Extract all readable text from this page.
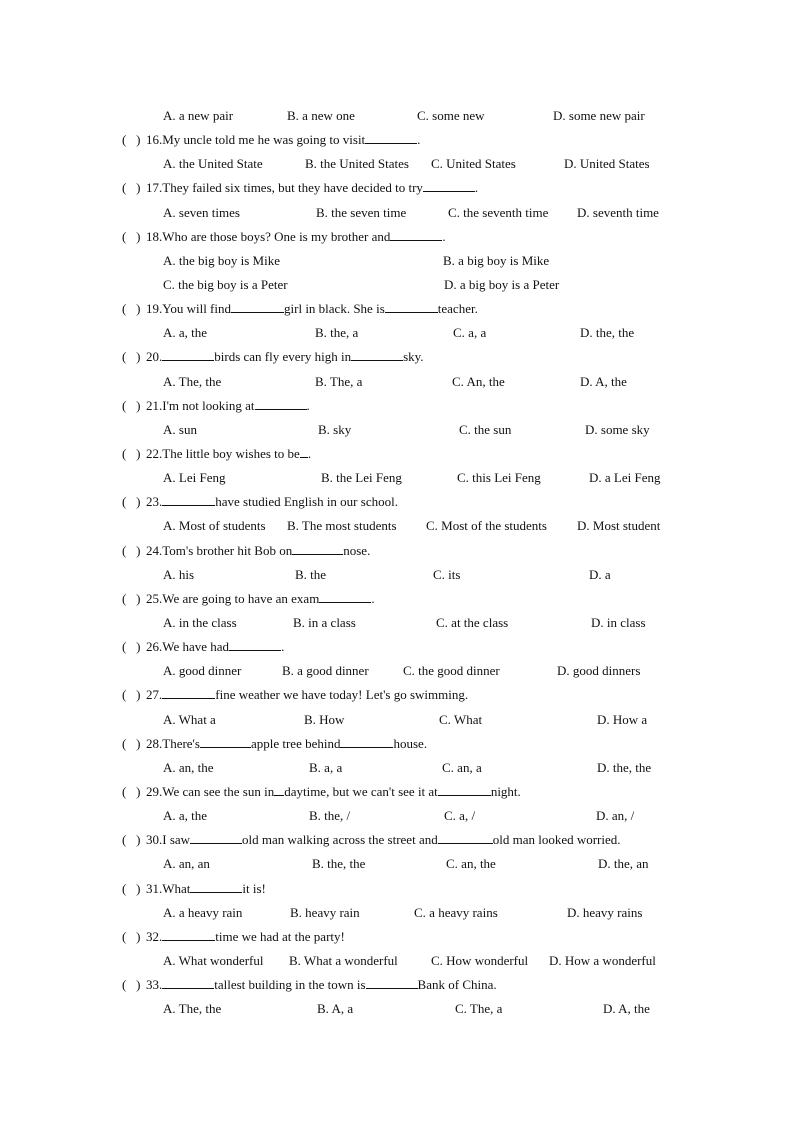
A. a new pair	B. a new one	C. some new	D. some new pair
(   ) 16.My uncle told me he was going to visit	.
A. the United State	B. the United States C. United States	D. United States
(   ) 17.They failed six times, but they have decided to try	.
A. seven times	B. the seven time	C. the seventh time D. seventh time
(   ) 18.Who are those boys? One is my brother and	.
A. the big boy is Mike	B. a big boy is Mike
C. the big boy is a Peter	D. a big boy is a Peter
(   ) 19.You will find	girl in black. She is	teacher.
A. a, the	B. the, a	C. a, a	D. the, the
(   ) 20.	birds can fly every high in	sky.
A. The, the	B. The, a	C. An, the	D. A, the
(   ) 21.I'm not looking at	.
A. sun	B. sky	C. the sun	D. some sky
(   ) 22.The little boy wishes to be .
A. Lei Feng	B. the Lei Feng	C. this Lei Feng	D. a Lei Feng
(   ) 23.	have studied English in our school.
A. Most of students B. The most students C. Most of the students D. Most student
(   ) 24.Tom's brother hit Bob on	nose.
A. his	B. the	C. its	D. a
(   ) 25.We are going to have an exam	.
A. in the class	B. in a class	C. at the class	D. in class
(   ) 26.We have had	.
A. good dinner	B. a good dinner	C. the good dinner	D. good dinners
(   ) 27.	fine weather we have today! Let's go swimming.
A. What a	B. How	C. What	D. How a
(   ) 28.There's	apple tree behind	house.
A. an, the	B. a, a	C. an, a	D. the, the
(   ) 29.We can see the sun in daytime, but we can't see it at	night.
A. a, the	B. the, /	C. a, /	D. an, /
(   ) 30.I saw	old man walking across the street and	old man looked worried.
A. an, an	B. the, the	C. an, the	D. the, an
(   ) 31.What	it is!
A. a heavy rain	B. heavy rain	C. a heavy rains	D. heavy rains
(   ) 32.	time we had at the party!
A. What wonderful B. What a wonderful	C. How wonderful D. How a wonderful
(   ) 33.	tallest building in the town is	Bank of China.
A. The, the	B. A, a	C. The, a	D. A, the
